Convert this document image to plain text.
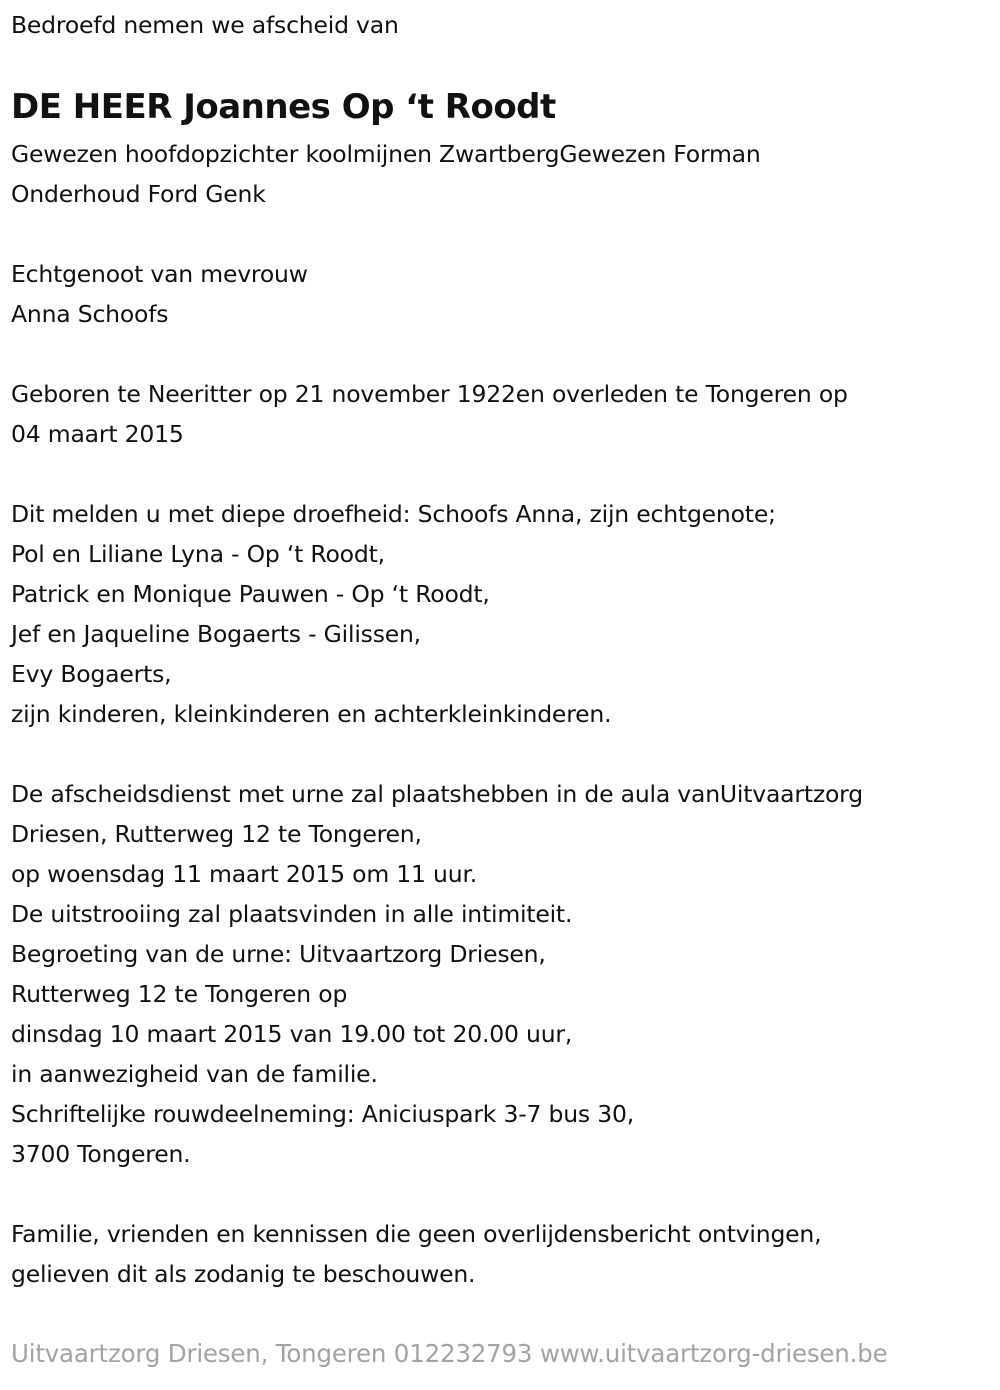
Bedroefd nemen we afscheid van
DE HEER Joannes Op ‘t Roodt
Gewezen hoofdopzichter koolmijnen ZwartbergGewezen Forman
Onderhoud Ford Genk
Echtgenoot van mevrouw
Anna Schoofs
Geboren te Neeritter op 21 november 1922en overleden te Tongeren op
04 maart 2015
Dit melden u met diepe droefheid: Schoofs Anna, zijn echtgenote;
Pol en Liliane Lyna - Op ‘t Roodt,
Patrick en Monique Pauwen - Op ‘t Roodt,
Jef en Jaqueline Bogaerts - Gilissen,
Evy Bogaerts,
zijn kinderen, kleinkinderen en achterkleinkinderen.
De afscheidsdienst met urne zal plaatshebben in de aula vanUitvaartzorg
Driesen, Rutterweg 12 te Tongeren,
op woensdag 11 maart 2015 om 11 uur.
De uitstrooiing zal plaatsvinden in alle intimiteit.
Begroeting van de urne: Uitvaartzorg Driesen,
Rutterweg 12 te Tongeren op
dinsdag 10 maart 2015 van 19.00 tot 20.00 uur,
in aanwezigheid van de familie.
Schriftelijke rouwdeelneming: Aniciuspark 3-7 bus 30,
3700 Tongeren.
Familie, vrienden en kennissen die geen overlijdensbericht ontvingen,
gelieven dit als zodanig te beschouwen.
Uitvaartzorg Driesen, Tongeren 012232793 www.uitvaartzorg-driesen.be
